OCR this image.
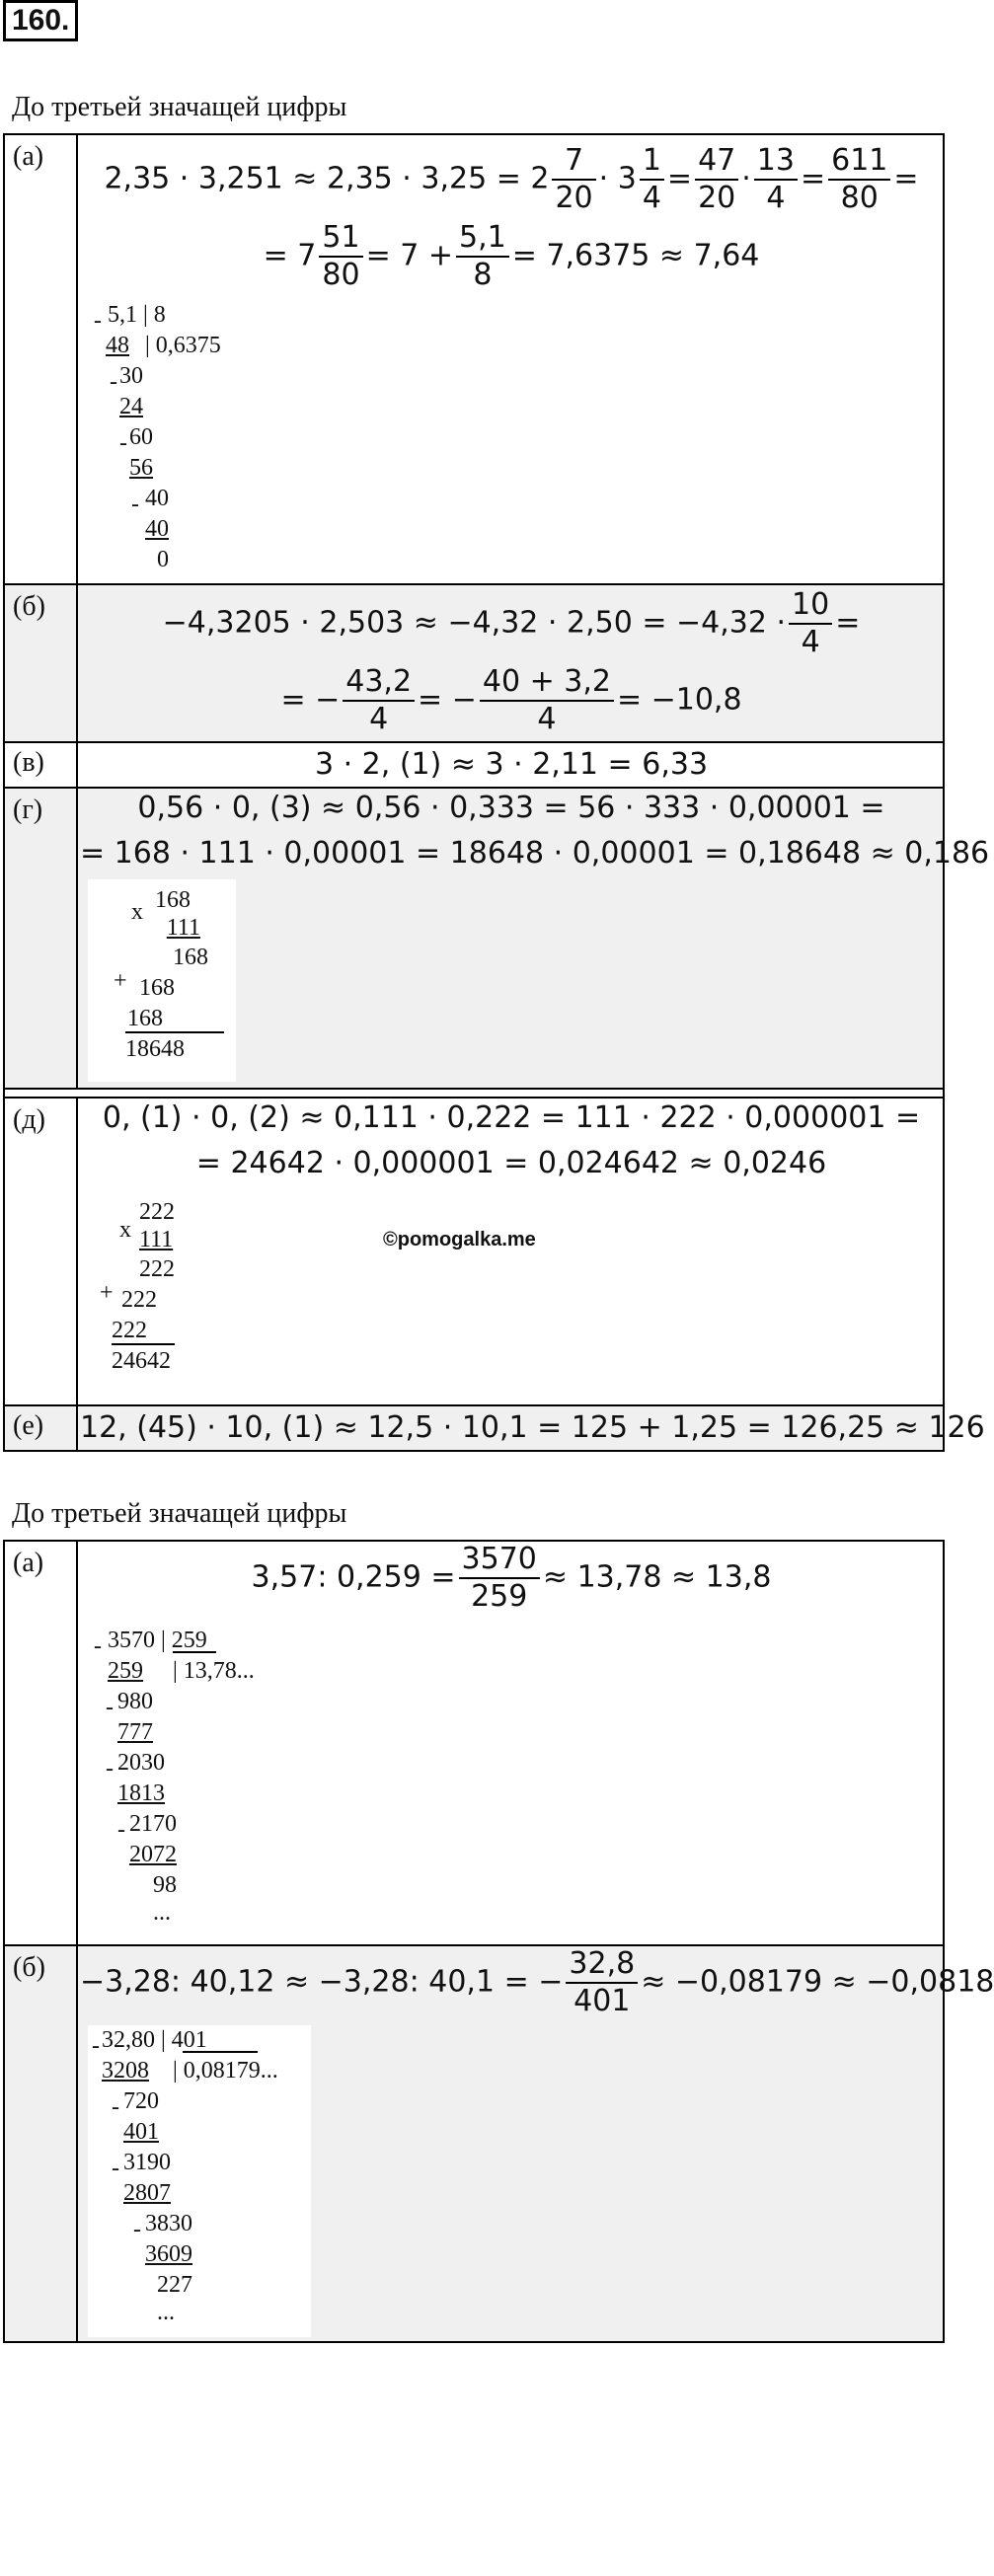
160.
До третьей значащей цифры
(а)
$2,35 \cdot 3,251 \approx 2,35 \cdot 3,25 = 2 \frac{7}{20} \cdot 3 \frac{1}{4} = \frac{47}{20} \cdot \frac{13}{4} = \frac{611}{80}$ =
= $7 \frac{51}{80} = 7 + \frac{5,1}{8} = 7,6375 \approx 7,64$

-

5,1 | 8

48

| 0,6375

30

-

24

60

-

56

40

-

40

0

(б)	$-4,3205 \cdot 2,503 \approx -4,32 \cdot 2,50 = -4,32 \cdot \frac{10}{4}$ =
= − $\frac{43,2}{4}$ = − $\frac{40 + 3,2}{4} = -10,8$
(в)	3 · 2, (1) ≈ 3 · 2,11 = 6,33
(г)	0,56 · 0, (3) ≈ 0,56 · 0,333 = 56 · 333 · 0,00001 =
= 168 · 111 · 0,00001 = 18648 · 0,00001 = 0,18648 ≈ 0,186

x

168

111

168

+

168

168

18648

(д)	0, (1) · 0, (2) ≈ 0,111 · 0,222 = 111 · 222 · 0,000001 =
= 24642 · 0,000001 = 0,024642 ≈ 0,0246

x

222

111

222

+

222

222

24642

©pomogalka.me
(е) 12, (45) · 10, (1) ≈ 12,5 · 10,1 = 125 + 1,25 = 126,25 ≈ 126
До третьей значащей цифры
(а)	3,57: $0,259 = \frac{3570}{259} \approx 13,78 \approx 13,8$

-

3570 | 259

259

| 13,78...

-

980

777

-

2030

1813

-

2170

2072

98

...

(б) −3,28: 40,12 ≈ −3,28: 40,1 = − $\frac{32,8}{401} \approx -0,08179 \approx -0,0818$

-

32,80 | 401

3208

| 0,08179...

-

720

401

-

3190

2807

-

3830

3609

227

...
